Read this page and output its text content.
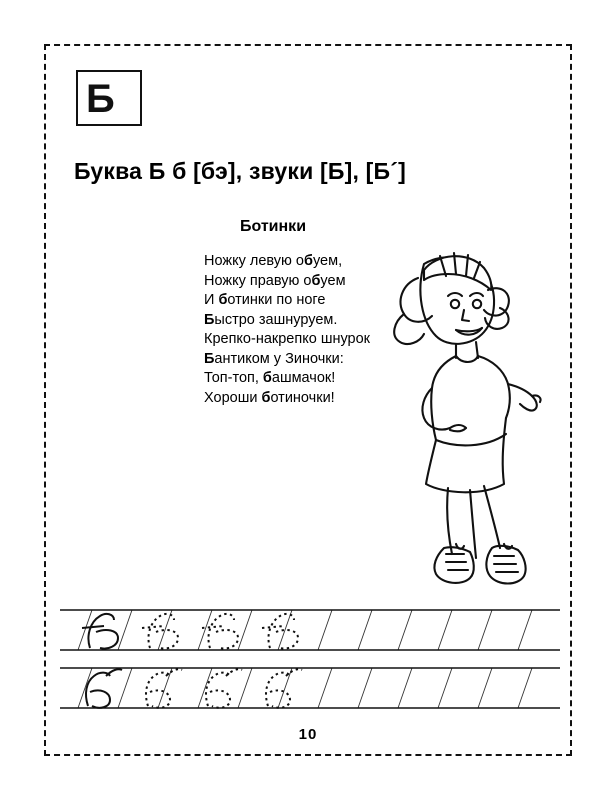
Б
Буква Б б [бэ], звуки [Б], [Б´]
Ботинки
Ножку левую обуем,
Ножку правую обуем
И ботинки по ноге
Быстро зашнуруем.
Крепко-накрепко шнурок
Бантиком у Зиночки:
Топ-топ, башмачок!
Хороши ботиночки!
10
